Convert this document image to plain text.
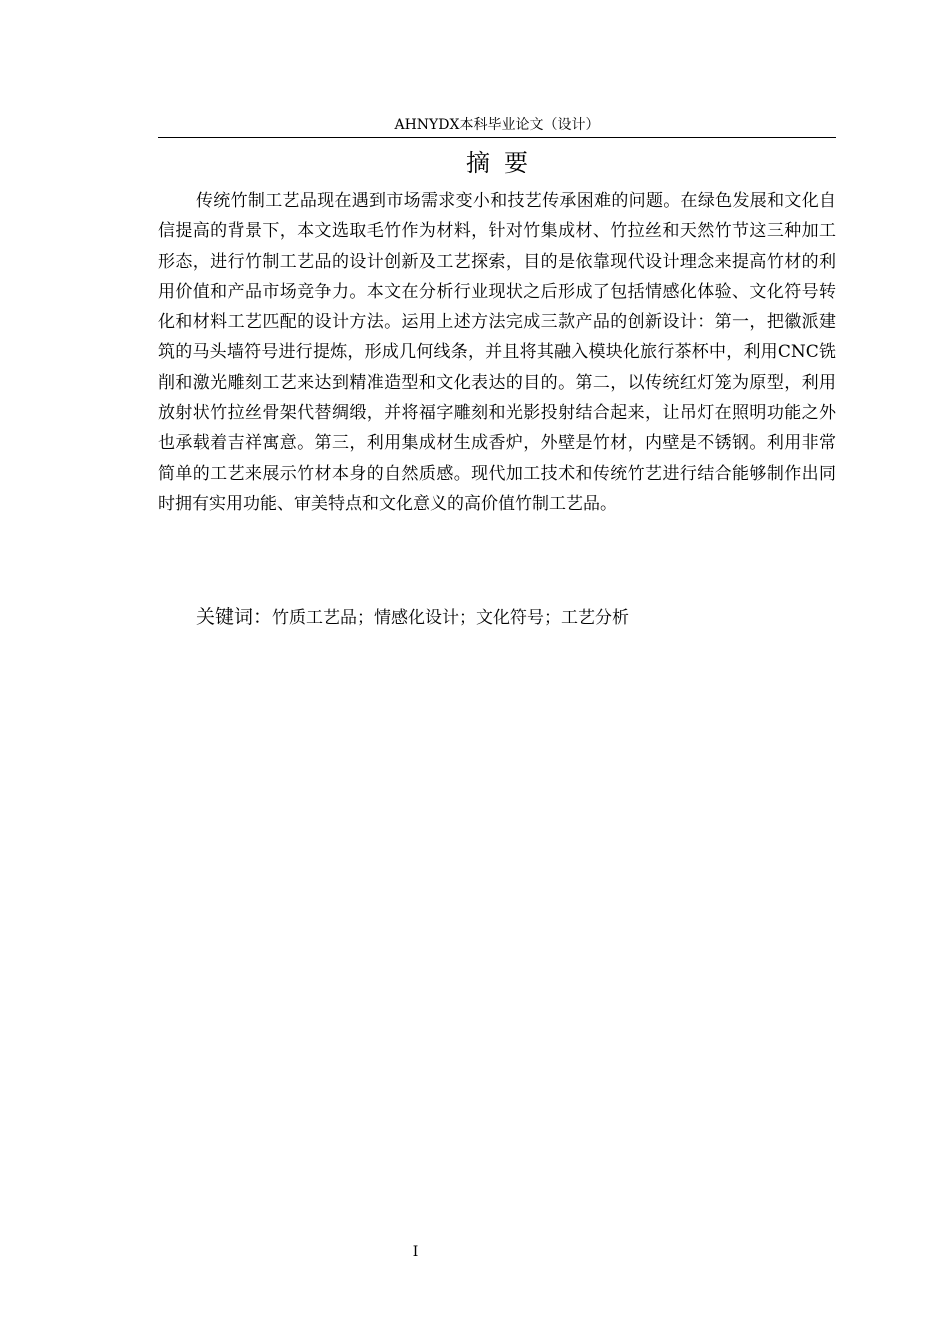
AHNYDX本科毕业论文（设计）
摘要

传统竹制工艺品现在遇到市场需求变小和技艺传承困难的问题。在绿色发展和文化自信提高的背景下，本文选取毛竹作为材料，针对竹集成材、竹拉丝和天然竹节这三种加工形态，进行竹制工艺品的设计创新及工艺探索，目的是依靠现代设计理念来提高竹材的利用价值和产品市场竞争力。本文在分析行业现状之后形成了包括情感化体验、文化符号转化和材料工艺匹配的设计方法。运用上述方法完成三款产品的创新设计：第一，把徽派建筑的马头墙符号进行提炼，形成几何线条，并且将其融入模块化旅行茶杯中，利用CNC铣削和激光雕刻工艺来达到精准造型和文化表达的目的。第二，以传统红灯笼为原型，利用放射状竹拉丝骨架代替绸缎，并将福字雕刻和光影投射结合起来，让吊灯在照明功能之外也承载着吉祥寓意。第三，利用集成材生成香炉，外壁是竹材，内壁是不锈钢。利用非常简单的工艺来展示竹材本身的自然质感。现代加工技术和传统竹艺进行结合能够制作出同时拥有实用功能、审美特点和文化意义的高价值竹制工艺品。

关键词：竹质工艺品；情感化设计；文化符号；工艺分析
I
